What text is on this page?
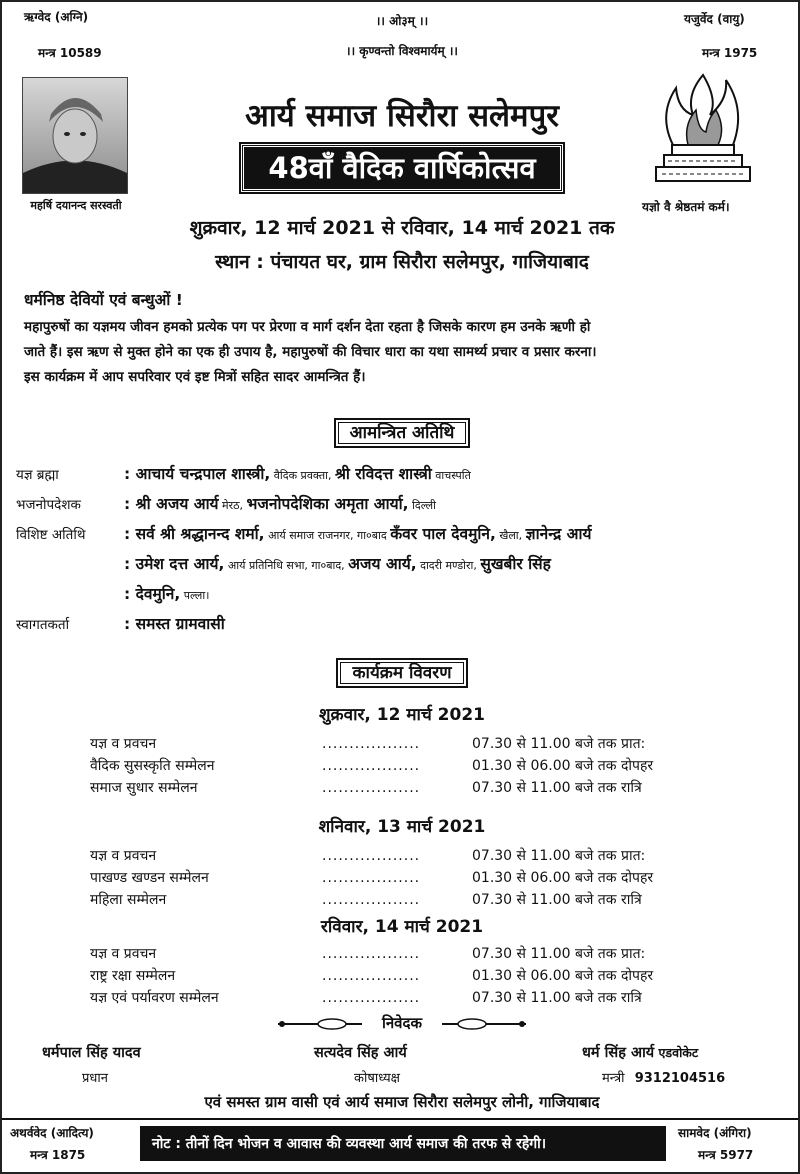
ऋग्वेद (अग्नि)
मन्त्र 10589
।। ओ३म् ।।
।। कृण्वन्तो विश्वमार्यम् ।।
यजुर्वेद (वायु)
मन्त्र 1975
महर्षि दयानन्द सरस्वती	यज्ञो वै श्रेष्ठतमं कर्म।
आर्य समाज सिरौरा सलेमपुर
48वाँ वैदिक वार्षिकोत्सव
शुक्रवार, 12 मार्च 2021 से रविवार, 14 मार्च 2021 तक
स्थान : पंचायत घर, ग्राम सिरौरा सलेमपुर, गाजियाबाद
धर्मनिष्ठ देवियों एवं बन्धुओं !
महापुरुषों का यज्ञमय जीवन हमको प्रत्येक पग पर प्रेरणा व मार्ग दर्शन देता रहता है जिसके कारण हम उनके ऋणी हो
जाते हैं। इस ऋण से मुक्त होने का एक ही उपाय है, महापुरुषों की विचार धारा का यथा सामर्थ्य प्रचार व प्रसार करना।
इस कार्यक्रम में आप सपरिवार एवं इष्ट मित्रों सहित सादर आमन्त्रित हैं।
आमन्त्रित अतिथि
यज्ञ ब्रह्मा	: आचार्य चन्द्रपाल शास्त्री, वैदिक प्रवक्ता, श्री रविदत्त शास्त्री वाचस्पति
भजनोपदेशक	: श्री अजय आर्य मेरठ, भजनोपदेशिका अमृता आर्या, दिल्ली
विशिष्ट अतिथि : सर्व श्री श्रद्धानन्द शर्मा, आर्य समाज राजनगर, गा०बाद कँवर पाल देवमुनि, खैला, ज्ञानेन्द्र आर्य
: उमेश दत्त आर्य, आर्य प्रतिनिधि सभा, गा०बाद, अजय आर्य, दादरी मण्डोरा, सुखबीर सिंह
: देवमुनि, पल्ला।
स्वागतकर्ता	: समस्त ग्रामवासी
कार्यक्रम विवरण
शुक्रवार, 12 मार्च 2021
यज्ञ व प्रवचन	..................	07.30 से 11.00 बजे तक प्रात:
वैदिक सुसस्कृति सम्मेलन	..................	01.30 से 06.00 बजे तक दोपहर
समाज सुधार सम्मेलन	..................	07.30 से 11.00 बजे तक रात्रि
शनिवार, 13 मार्च 2021
यज्ञ व प्रवचन	..................	07.30 से 11.00 बजे तक प्रात:
पाखण्ड खण्डन सम्मेलन	..................	01.30 से 06.00 बजे तक दोपहर
महिला सम्मेलन	..................	07.30 से 11.00 बजे तक रात्रि
रविवार, 14 मार्च 2021
यज्ञ व प्रवचन	..................	07.30 से 11.00 बजे तक प्रात:
राष्ट्र रक्षा सम्मेलन	..................	01.30 से 06.00 बजे तक दोपहर
यज्ञ एवं पर्यावरण सम्मेलन	..................	07.30 से 11.00 बजे तक रात्रि
निवेदक
धर्मपाल सिंह यादव
प्रधान
सत्यदेव सिंह आर्य
कोषाध्यक्ष
धर्म सिंह आर्य एडवोकेट
मन्त्री 9312104516
एवं समस्त ग्राम वासी एवं आर्य समाज सिरौरा सलेमपुर लोनी, गाजियाबाद
अथर्ववेद (आदित्य)
मन्त्र 1875
नोट : तीनों दिन भोजन व आवास की व्यवस्था आर्य समाज की तरफ से रहेगी।
सामवेद (अंगिरा)
मन्त्र 5977
